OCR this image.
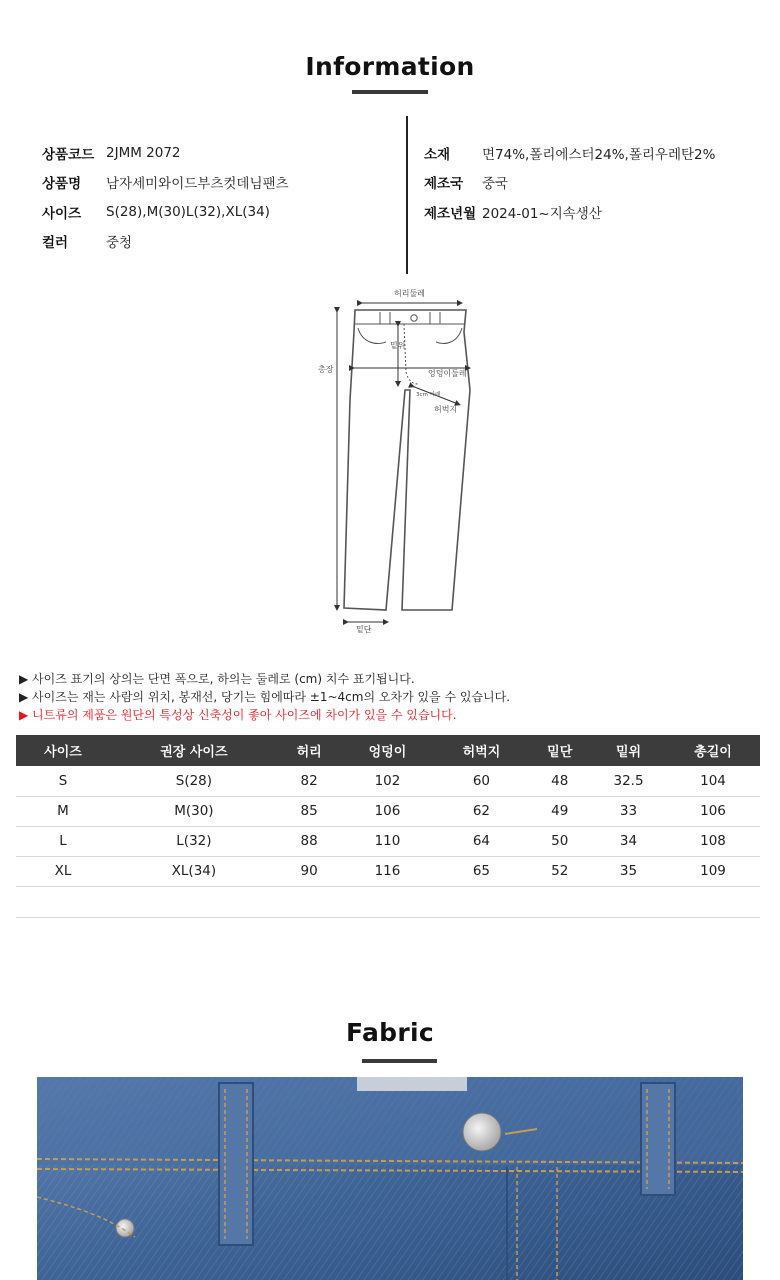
Information
상품코드 2JMM 2072
상품명	남자세미와이드부츠컷데님팬츠
사이즈	S(28),M(30)L(32),XL(34)
컬러	중청
소재	면74%,폴리에스터24%,폴리우레탄2%
제조국	중국
제조년월 2024-01~지속생산
허리둘레
총장
밑위
엉덩이둘레
3cm 아래
허벅지
밑단
▶ 사이즈 표기의 상의는 단면 폭으로, 하의는 둘레로 (cm) 치수 표기됩니다.
▶ 사이즈는 재는 사람의 위치, 봉재선, 당기는 힘에따라 ±1~4cm의 오차가 있을 수 있습니다.
▶ 니트류의 제품은 원단의 특성상 신축성이 좋아 사이즈에 차이가 있을 수 있습니다.
사이즈	권장 사이즈	허리	엉덩이	허벅지	밑단	밑위	총길이
S	S(28)	82	102	60	48	32.5	104
M	M(30)	85	106	62	49	33	106
L	L(32)	88	110	64	50	34	108
XL	XL(34)	90	116	65	52	35	109

Fabric
